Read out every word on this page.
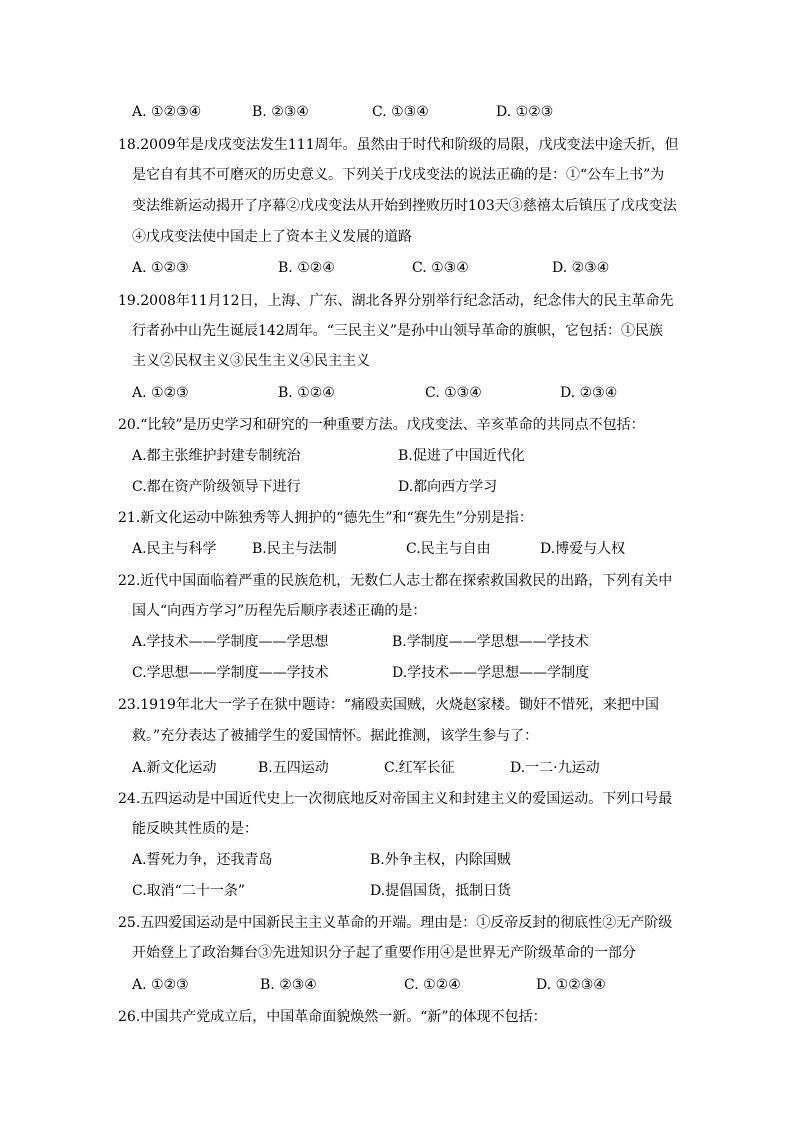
A. ①②③④	B. ②③④	C. ①③④	D. ①②③
18.2009年是戊戌变法发生111周年。虽然由于时代和阶级的局限，戊戌变法中途夭折，但
是它自有其不可磨灭的历史意义。下列关于戊戌变法的说法正确的是：①“公车上书”为
变法维新运动揭开了序幕②戊戌变法从开始到挫败历时103天③慈禧太后镇压了戊戌变法
④戊戌变法使中国走上了资本主义发展的道路
A. ①②③	B. ①②④	C. ①③④	D. ②③④
19.2008年11月12日，上海、广东、湖北各界分别举行纪念活动，纪念伟大的民主革命先
行者孙中山先生诞辰142周年。“三民主义”是孙中山领导革命的旗帜，它包括：①民族
主义②民权主义③民生主义④民主主义
A. ①②③	B. ①②④	C. ①③④	D. ②③④
20.“比较”是历史学习和研究的一种重要方法。戊戌变法、辛亥革命的共同点不包括：
A.都主张维护封建专制统治	B.促进了中国近代化
C.都在资产阶级领导下进行	D.都向西方学习
21.新文化运动中陈独秀等人拥护的“德先生”和“赛先生”分别是指：
A.民主与科学	B.民主与法制	C.民主与自由	D.博爱与人权
22.近代中国面临着严重的民族危机，无数仁人志士都在探索救国救民的出路，下列有关中
国人“向西方学习”历程先后顺序表述正确的是：
A.学技术——学制度——学思想	B.学制度——学思想——学技术
C.学思想——学制度——学技术	D.学技术——学思想——学制度
23.1919年北大一学子在狱中题诗：“痛殴卖国贼，火烧赵家楼。锄奸不惜死，来把中国
救。”充分表达了被捕学生的爱国情怀。据此推测，该学生参与了：
A.新文化运动	B.五四运动	C.红军长征	D.一二·九运动
24.五四运动是中国近代史上一次彻底地反对帝国主义和封建主义的爱国运动。下列口号最
能反映其性质的是：
A.誓死力争，还我青岛	B.外争主权，内除国贼
C.取消“二十一条”	D.提倡国货，抵制日货
25.五四爱国运动是中国新民主主义革命的开端。理由是：①反帝反封的彻底性②无产阶级
开始登上了政治舞台③先进知识分子起了重要作用④是世界无产阶级革命的一部分
A. ①②③	B. ②③④	C. ①②④	D. ①②③④
26.中国共产党成立后，中国革命面貌焕然一新。“新”的体现不包括：
